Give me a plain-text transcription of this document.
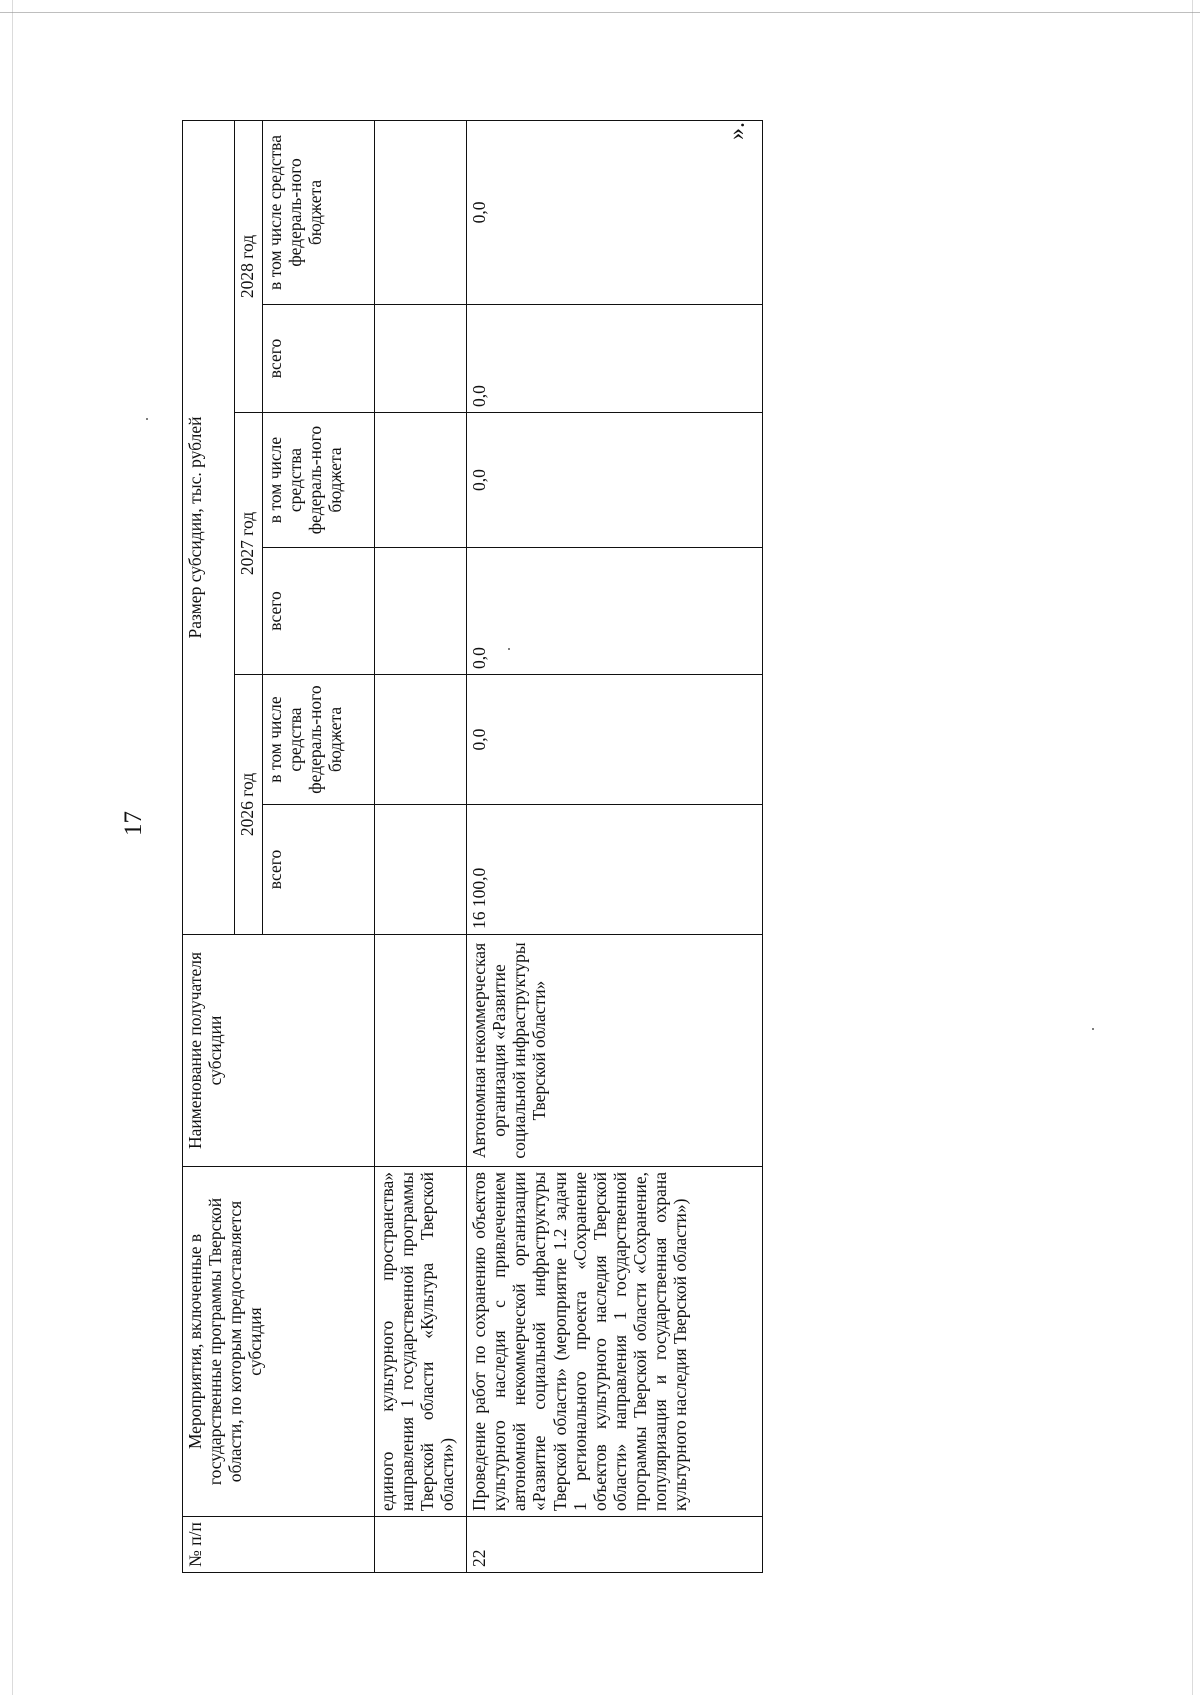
17
».
№ п/п	Мероприятия, включенные в государственные программы Тверской области, по которым предоставляется субсидия	Наименование получателя субсидии	Размер субсидии, тыс. рублей					
			2026 год		2027 год		2028 год	
			всего	в том числе средства федераль-ного бюджета	всего	в том числе средства федераль-ного бюджета	всего	в том числе средства федераль-ного бюджета
	единого культурного пространства» направления 1 государственной программы Тверской области «Культура Тверской области»)							
22	Проведение работ по сохранению объектов культурного наследия с привлечением автономной некоммерческой организации «Развитие социальной инфраструктуры Тверской области» (мероприятие 1.2 задачи 1 регионального проекта «Сохранение объектов культурного наследия Тверской области» направления 1 государственной программы Тверской области «Сохранение, популяризация и государственная охрана культурного наследия Тверской области»)	Автономная некоммерческая организация «Развитие социальной инфраструктуры Тверской области»	16 100,0	0,0	0,0	0,0	0,0	0,0
